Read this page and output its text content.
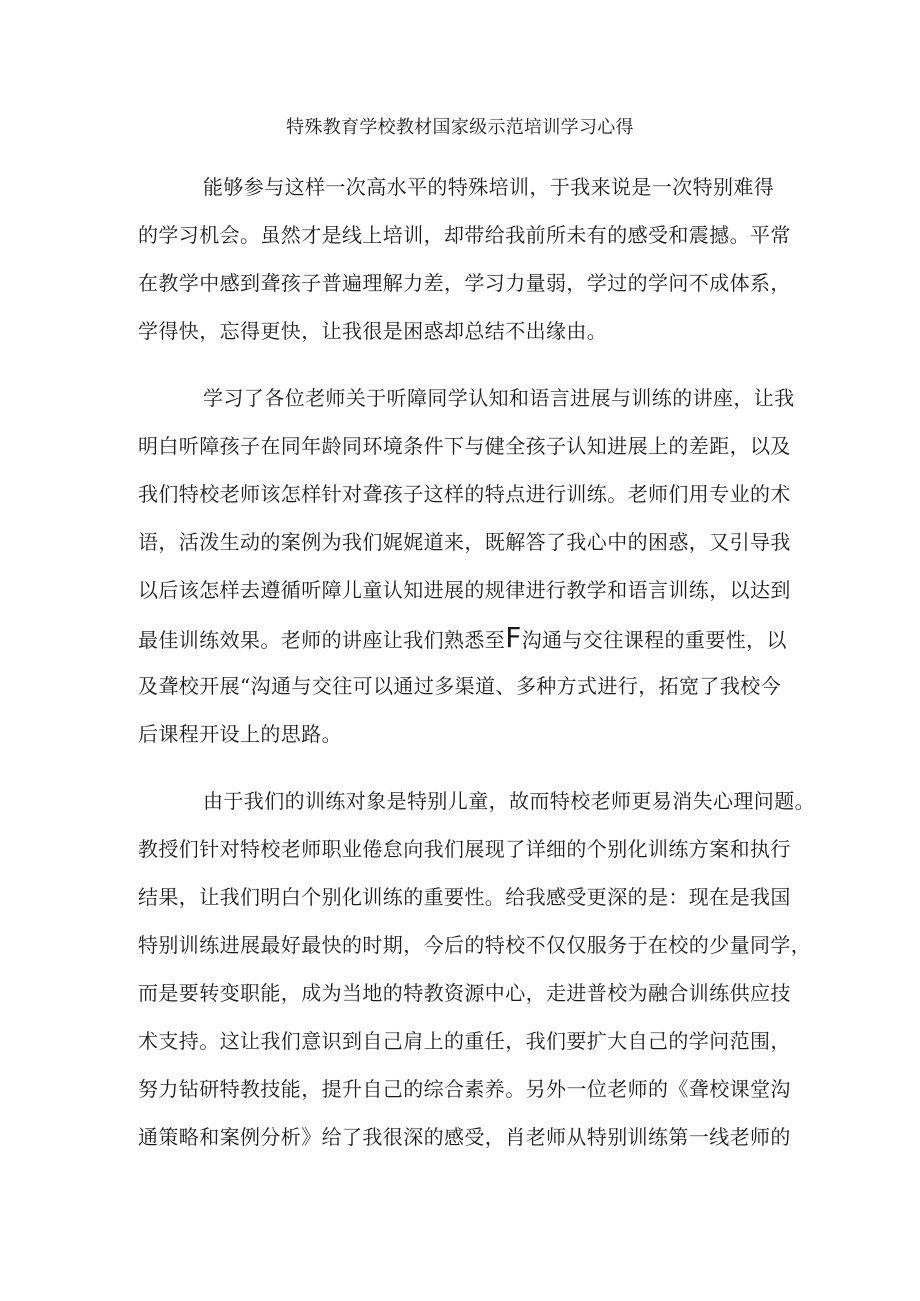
特殊教育学校教材国家级示范培训学习心得
能够参与这样一次高水平的特殊培训，于我来说是一次特别难得
的学习机会。虽然才是线上培训，却带给我前所未有的感受和震撼。平常
在教学中感到聋孩子普遍理解力差，学习力量弱，学过的学问不成体系，
学得快，忘得更快，让我很是困惑却总结不出缘由。
学习了各位老师关于听障同学认知和语言进展与训练的讲座，让我
明白听障孩子在同年龄同环境条件下与健全孩子认知进展上的差距，以及
我们特校老师该怎样针对聋孩子这样的特点进行训练。老师们用专业的术
语，活泼生动的案例为我们娓娓道来，既解答了我心中的困惑，又引导我
以后该怎样去遵循听障儿童认知进展的规律进行教学和语言训练，以达到
最佳训练效果。老师的讲座让我们熟悉至F沟通与交往课程的重要性，以
及聋校开展“沟通与交往可以通过多渠道、多种方式进行，拓宽了我校今
后课程开设上的思路。
由于我们的训练对象是特别儿童，故而特校老师更易消失心理问题。
教授们针对特校老师职业倦怠向我们展现了详细的个别化训练方案和执行
结果，让我们明白个别化训练的重要性。给我感受更深的是：现在是我国
特别训练进展最好最快的时期，今后的特校不仅仅服务于在校的少量同学，
而是要转变职能，成为当地的特教资源中心，走进普校为融合训练供应技
术支持。这让我们意识到自己肩上的重任，我们要扩大自己的学问范围，
努力钻研特教技能，提升自己的综合素养。另外一位老师的《聋校课堂沟
通策略和案例分析》给了我很深的感受，肖老师从特别训练第一线老师的
